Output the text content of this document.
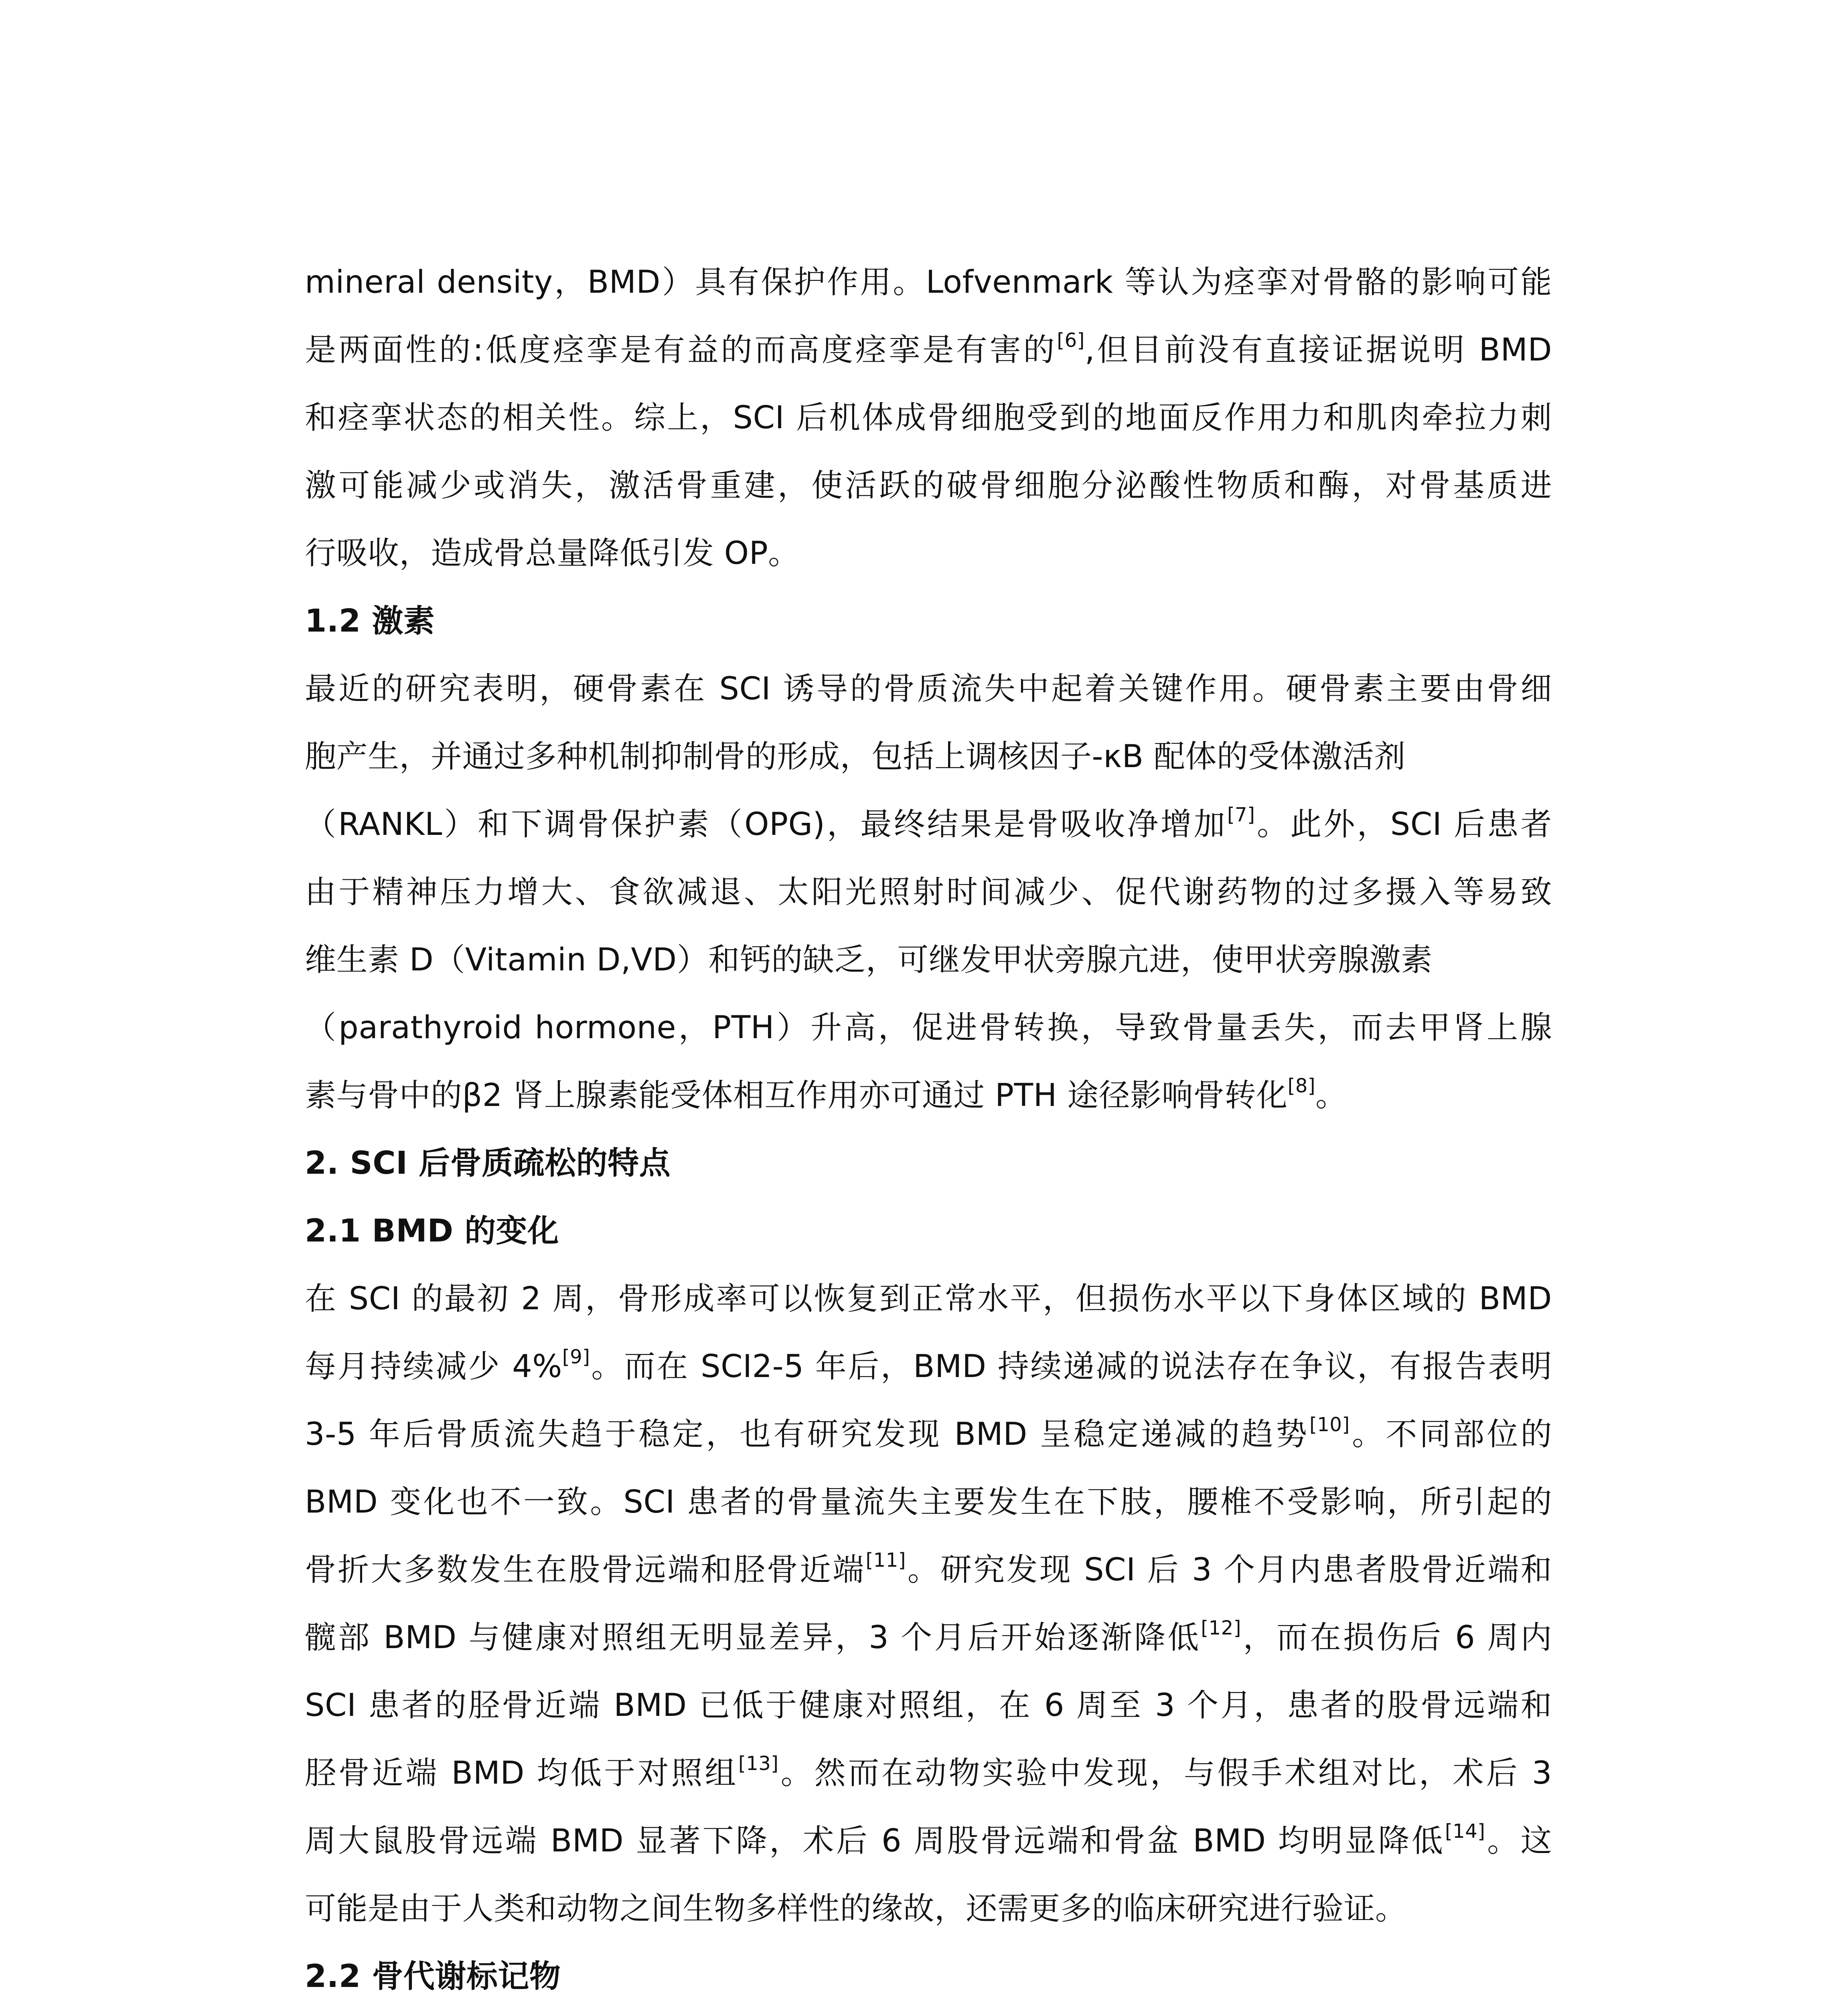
mineral density，BMD）具有保护作用。Lofvenmark 等认为痉挛对骨骼的影响可能
是两面性的:低度痉挛是有益的而高度痉挛是有害的[6],但目前没有直接证据说明 BMD
和痉挛状态的相关性。综上，SCI 后机体成骨细胞受到的地面反作用力和肌肉牵拉力刺
激可能减少或消失，激活骨重建，使活跃的破骨细胞分泌酸性物质和酶，对骨基质进
行吸收，造成骨总量降低引发 OP。
1.2 激素
最近的研究表明，硬骨素在 SCI 诱导的骨质流失中起着关键作用。硬骨素主要由骨细
胞产生，并通过多种机制抑制骨的形成，包括上调核因子-κB 配体的受体激活剂
（RANKL）和下调骨保护素（OPG)，最终结果是骨吸收净增加[7]。此外，SCI 后患者
由于精神压力增大、食欲减退、太阳光照射时间减少、促代谢药物的过多摄入等易致
维生素 D（Vitamin D,VD）和钙的缺乏，可继发甲状旁腺亢进，使甲状旁腺激素
（parathyroid hormone，PTH）升高，促进骨转换，导致骨量丢失，而去甲肾上腺
素与骨中的β2 肾上腺素能受体相互作用亦可通过 PTH 途径影响骨转化[8]。
2. SCI 后骨质疏松的特点
2.1 BMD 的变化
在 SCI 的最初 2 周，骨形成率可以恢复到正常水平，但损伤水平以下身体区域的 BMD
每月持续减少 4%[9]。而在 SCI2-5 年后，BMD 持续递减的说法存在争议，有报告表明
3-5 年后骨质流失趋于稳定，也有研究发现 BMD 呈稳定递减的趋势[10]。不同部位的
BMD 变化也不一致。SCI 患者的骨量流失主要发生在下肢，腰椎不受影响，所引起的
骨折大多数发生在股骨远端和胫骨近端[11]。研究发现 SCI 后 3 个月内患者股骨近端和
髋部 BMD 与健康对照组无明显差异，3 个月后开始逐渐降低[12]，而在损伤后 6 周内
SCI 患者的胫骨近端 BMD 已低于健康对照组，在 6 周至 3 个月，患者的股骨远端和
胫骨近端 BMD 均低于对照组[13]。然而在动物实验中发现，与假手术组对比，术后 3
周大鼠股骨远端 BMD 显著下降，术后 6 周股骨远端和骨盆 BMD 均明显降低[14]。这
可能是由于人类和动物之间生物多样性的缘故，还需更多的临床研究进行验证。
2.2 骨代谢标记物
